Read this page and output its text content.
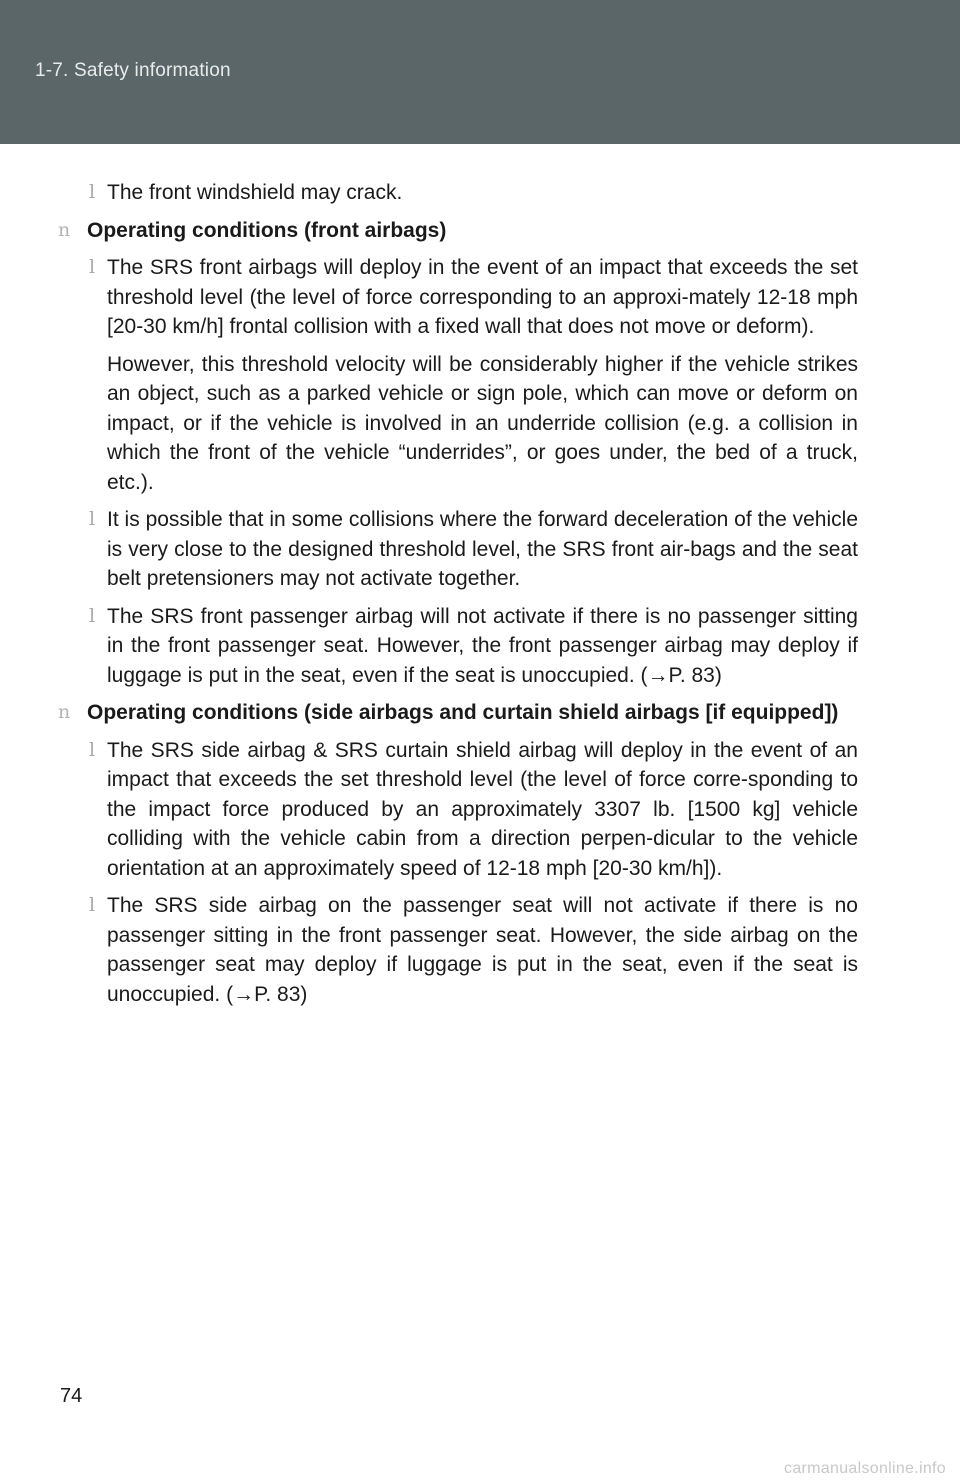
1-7. Safety information
l The front windshield may crack.
n Operating conditions (front airbags)
l The SRS front airbags will deploy in the event of an impact that exceeds the set threshold level (the level of force corresponding to an approxi-mately 12-18 mph [20-30 km/h] frontal collision with a fixed wall that does not move or deform).
However, this threshold velocity will be considerably higher if the vehicle strikes an object, such as a parked vehicle or sign pole, which can move or deform on impact, or if the vehicle is involved in an underride collision (e.g. a collision in which the front of the vehicle “underrides”, or goes under, the bed of a truck, etc.).
l It is possible that in some collisions where the forward deceleration of the vehicle is very close to the designed threshold level, the SRS front air-bags and the seat belt pretensioners may not activate together.
l The SRS front passenger airbag will not activate if there is no passenger sitting in the front passenger seat. However, the front passenger airbag may deploy if luggage is put in the seat, even if the seat is unoccupied. (→P. 83)
n Operating conditions (side airbags and curtain shield airbags [if equipped])
l The SRS side airbag & SRS curtain shield airbag will deploy in the event of an impact that exceeds the set threshold level (the level of force corre-sponding to the impact force produced by an approximately 3307 lb. [1500 kg] vehicle colliding with the vehicle cabin from a direction perpen-dicular to the vehicle orientation at an approximately speed of 12-18 mph [20-30 km/h]).
l The SRS side airbag on the passenger seat will not activate if there is no passenger sitting in the front passenger seat. However, the side airbag on the passenger seat may deploy if luggage is put in the seat, even if the seat is unoccupied. (→P. 83)
74
carmanualsonline.info
